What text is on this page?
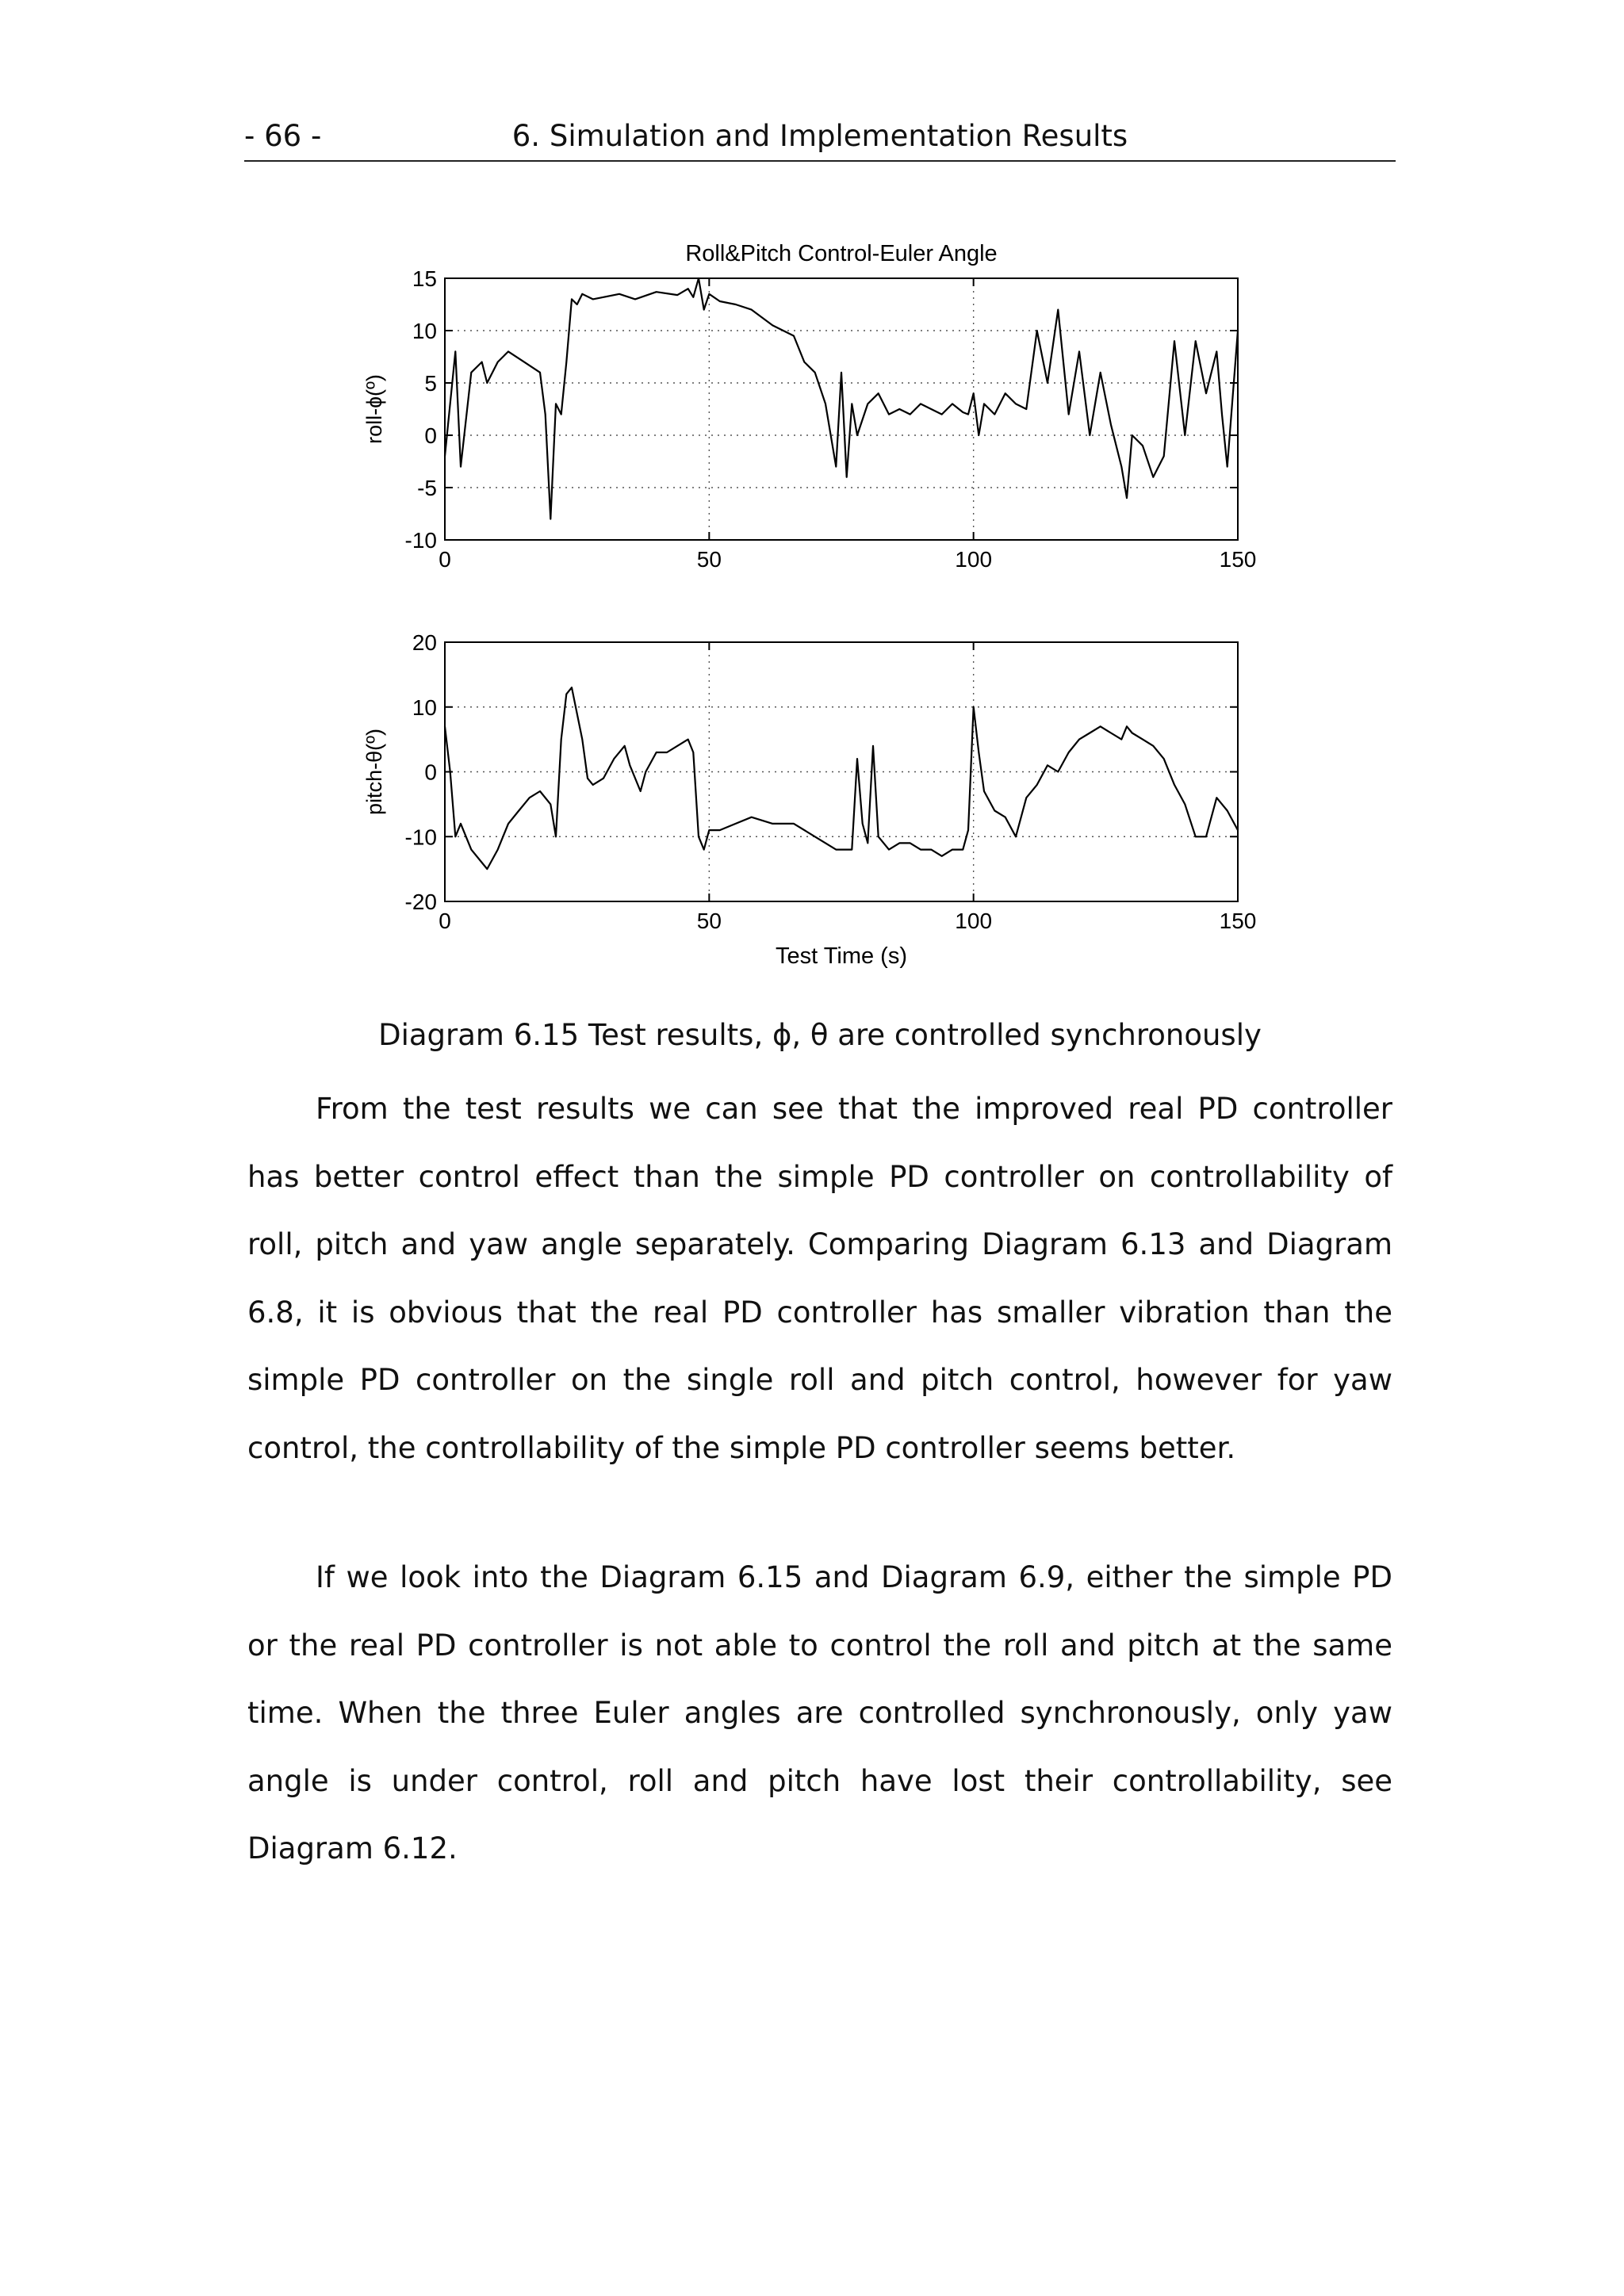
- 66 -	6. Simulation and Implementation Results
0	50	100	150
15
10
5
0
-5
-10
Roll&Pitch Control-Euler Angle
roll-ɸ(º)
0	50	100	150
20
10
0
-10
-20
Test Time (s)
pitch-θ(º)
Diagram 6.15 Test results, ɸ, θ are controlled synchronously

From the test results we can see that the improved real PD controller has better control effect than the simple PD controller on controllability of roll, pitch and yaw angle separately. Comparing Diagram 6.13 and Diagram 6.8, it is obvious that the real PD controller has smaller vibration than the simple PD controller on the single roll and pitch control, however for yaw control, the controllability of the simple PD controller seems better.

If we look into the Diagram 6.15 and Diagram 6.9, either the simple PD or the real PD controller is not able to control the roll and pitch at the same time. When the three Euler angles are controlled synchronously, only yaw angle is under control, roll and pitch have lost their controllability, see Diagram 6.12.
